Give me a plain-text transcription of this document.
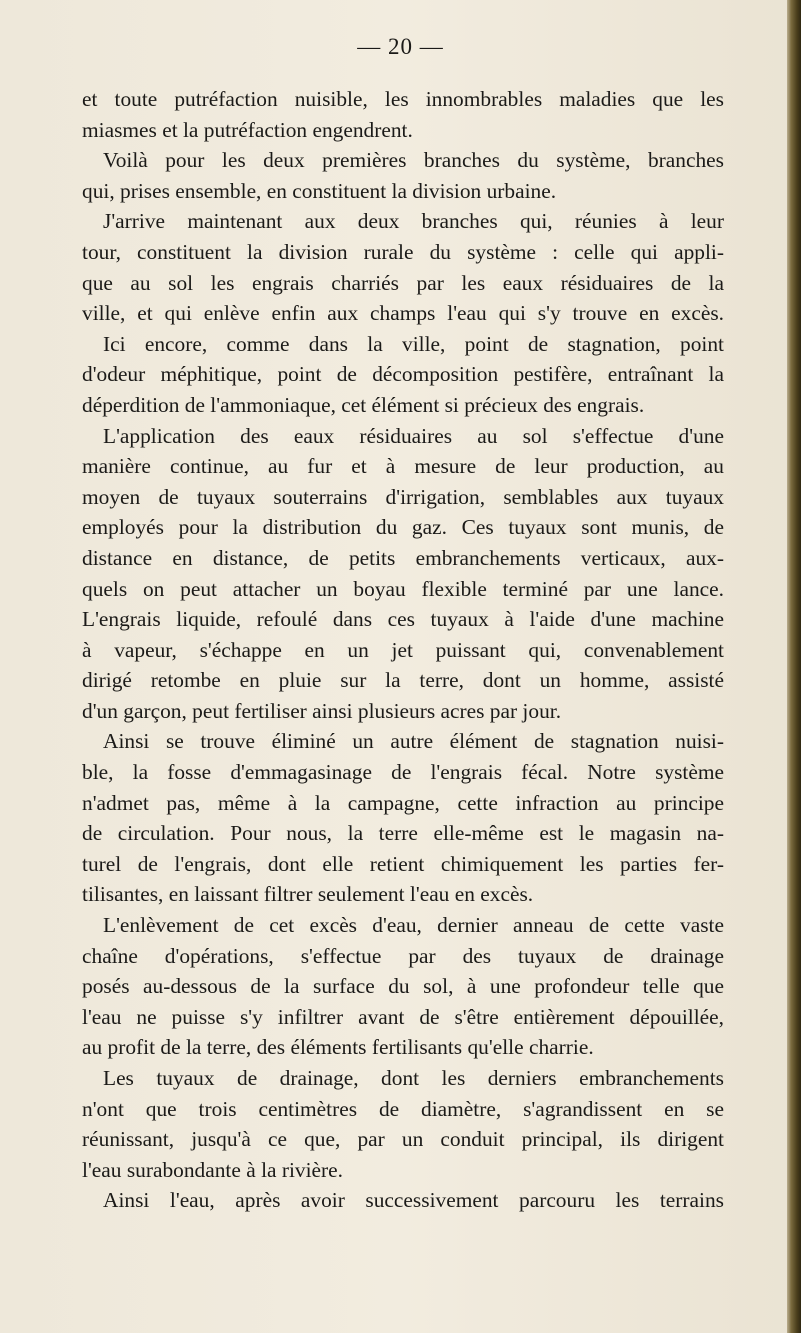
— 20 —
et toute putréfaction nuisible, les innombrables maladies que les
miasmes et la putréfaction engendrent.
Voilà pour les deux premières branches du système, branches
qui, prises ensemble, en constituent la division urbaine.
J'arrive maintenant aux deux branches qui, réunies à leur
tour, constituent la division rurale du système : celle qui appli-
que au sol les engrais charriés par les eaux résiduaires de la
ville, et qui enlève enfin aux champs l'eau qui s'y trouve en excès.
Ici encore, comme dans la ville, point de stagnation, point
d'odeur méphitique, point de décomposition pestifère, entraînant la
déperdition de l'ammoniaque, cet élément si précieux des engrais.
L'application des eaux résiduaires au sol s'effectue d'une
manière continue, au fur et à mesure de leur production, au
moyen de tuyaux souterrains d'irrigation, semblables aux tuyaux
employés pour la distribution du gaz. Ces tuyaux sont munis, de
distance en distance, de petits embranchements verticaux, aux-
quels on peut attacher un boyau flexible terminé par une lance.
L'engrais liquide, refoulé dans ces tuyaux à l'aide d'une machine
à vapeur, s'échappe en un jet puissant qui, convenablement
dirigé retombe en pluie sur la terre, dont un homme, assisté
d'un garçon, peut fertiliser ainsi plusieurs acres par jour.
Ainsi se trouve éliminé un autre élément de stagnation nuisi-
ble, la fosse d'emmagasinage de l'engrais fécal. Notre système
n'admet pas, même à la campagne, cette infraction au principe
de circulation. Pour nous, la terre elle-même est le magasin na-
turel de l'engrais, dont elle retient chimiquement les parties fer-
tilisantes, en laissant filtrer seulement l'eau en excès.
L'enlèvement de cet excès d'eau, dernier anneau de cette vaste
chaîne d'opérations, s'effectue par des tuyaux de drainage
posés au-dessous de la surface du sol, à une profondeur telle que
l'eau ne puisse s'y infiltrer avant de s'être entièrement dépouillée,
au profit de la terre, des éléments fertilisants qu'elle charrie.
Les tuyaux de drainage, dont les derniers embranchements
n'ont que trois centimètres de diamètre, s'agrandissent en se
réunissant, jusqu'à ce que, par un conduit principal, ils dirigent
l'eau surabondante à la rivière.
Ainsi l'eau, après avoir successivement parcouru les terrains
